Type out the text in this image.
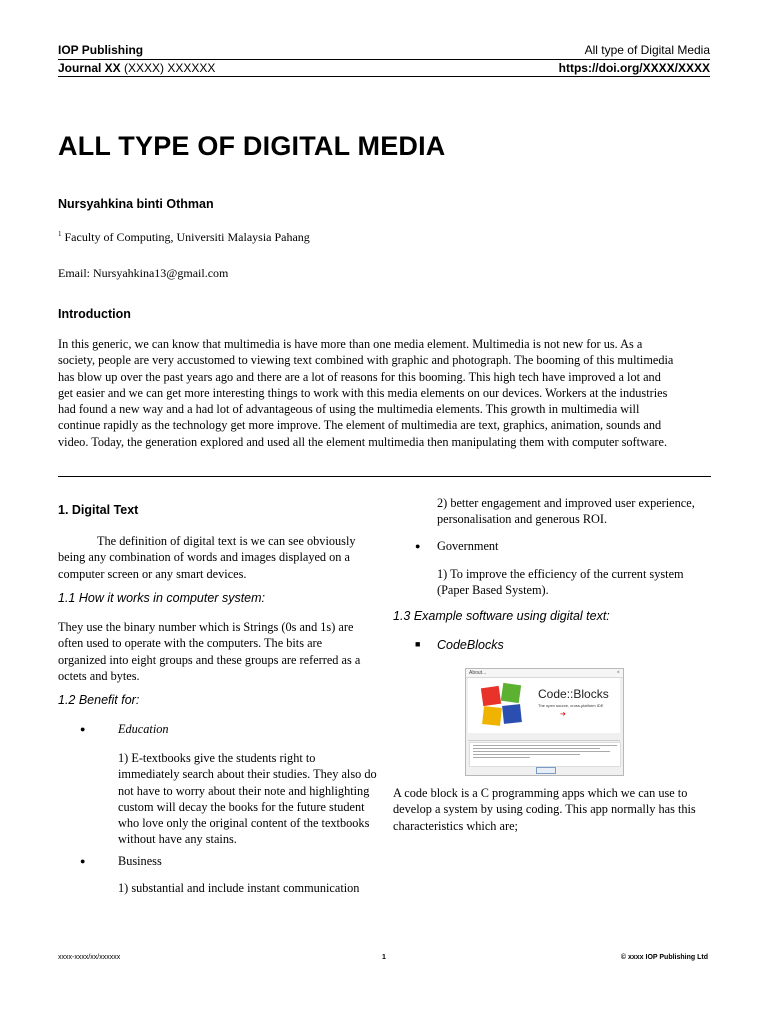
IOP Publishing	All type of Digital Media
Journal XX (XXXX) XXXXXX	https://doi.org/XXXX/XXXX
ALL TYPE OF DIGITAL MEDIA
Nursyahkina binti Othman
$^1$ Faculty of Computing, Universiti Malaysia Pahang
Email: Nursyahkina13@gmail.com
Introduction
In this generic, we can know that multimedia is have more than one media element. Multimedia is not new for us. As a
society, people are very accustomed to viewing text combined with graphic and photograph. The booming of this multimedia
has blow up over the past years ago and there are a lot of reasons for this booming. This high tech have improved a lot and
get easier and we can get more interesting things to work with this media elements on our devices. Workers at the industries
had found a new way and a had lot of advantageous of using the multimedia elements. This growth in multimedia will
continue rapidly as the technology get more improve. The element of multimedia are text, graphics, animation, sounds and
video. Today, the generation explored and used all the element multimedia then manipulating them with computer software.
1. Digital Text
The definition of digital text is we can see obviously
being any combination of words and images displayed on a
computer screen or any smart devices.
1.1 How it works in computer system:
They use the binary number which is Strings (0s and 1s) are
often used to operate with the computers. The bits are
organized into eight groups and these groups are referred as a
octets and bytes.
1.2 Benefit for:
●	Education
1) E-textbooks give the students right to
immediately search about their studies. They also do
not have to worry about their note and highlighting
custom will decay the books for the future student
who love only the original content of the textbooks
without have any stains.
●	Business
1) substantial and include instant communication
2) better engagement and improved user experience,
personalisation and generous ROI.
● Government
1) To improve the efficiency of the current system
(Paper Based System).
1.3 Example software using digital text:
■ CodeBlocks
About...	×
Code::Blocks
The open source, cross-platform IDE
➔
A code block is a C programming apps which we can use to
develop a system by using coding. This app normally has this
characteristics which are;
xxxx-xxxx/xx/xxxxxx	1	© xxxx IOP Publishing Ltd
